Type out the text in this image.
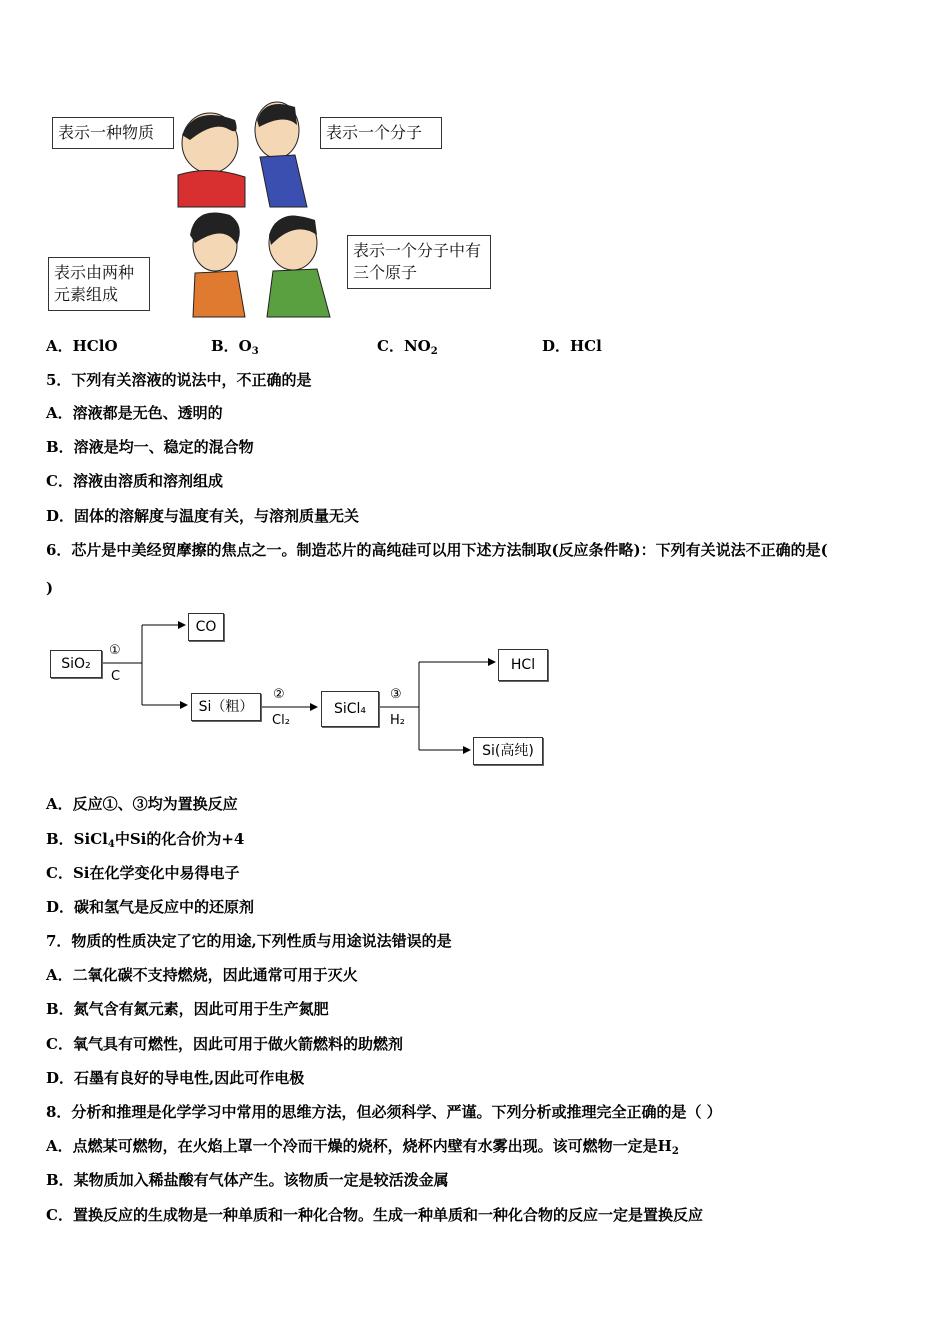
表示一种物质	表示一个分子
表示由两种元素组成
表示一个分子中有三个原子
A．HClO	B．$O_3$	C．$NO_2$	D．HCl
5．下列有关溶液的说法中，不正确的是
A．溶液都是无色、透明的
B．溶液是均一、稳定的混合物
C．溶液由溶质和溶剂组成
D．固体的溶解度与温度有关，与溶剂质量无关
6．芯片是中美经贸摩擦的焦点之一。制造芯片的高纯硅可以用下述方法制取(反应条件略)：下列有关说法不正确的是(
)
SiO₂
CO
Si（粗）	SiCl₄
HCl
Si(高纯)
①
C
②
Cl₂
③
H₂
A．反应①、③均为置换反应
B．SiCl$_4$中Si的化合价为+4
C．Si在化学变化中易得电子
D．碳和氢气是反应中的还原剂
7．物质的性质决定了它的用途,下列性质与用途说法错误的是
A．二氧化碳不支持燃烧，因此通常可用于灭火
B．氮气含有氮元素，因此可用于生产氮肥
C．氧气具有可燃性，因此可用于做火箭燃料的助燃剂
D．石墨有良好的导电性,因此可作电极
8．分析和推理是化学学习中常用的思维方法，但必须科学、严谨。下列分析或推理完全正确的是（ ）
A．点燃某可燃物，在火焰上罩一个冷而干燥的烧杯，烧杯内壁有水雾出现。该可燃物一定是$H_2$
B．某物质加入稀盐酸有气体产生。该物质一定是较活泼金属
C．置换反应的生成物是一种单质和一种化合物。生成一种单质和一种化合物的反应一定是置换反应
